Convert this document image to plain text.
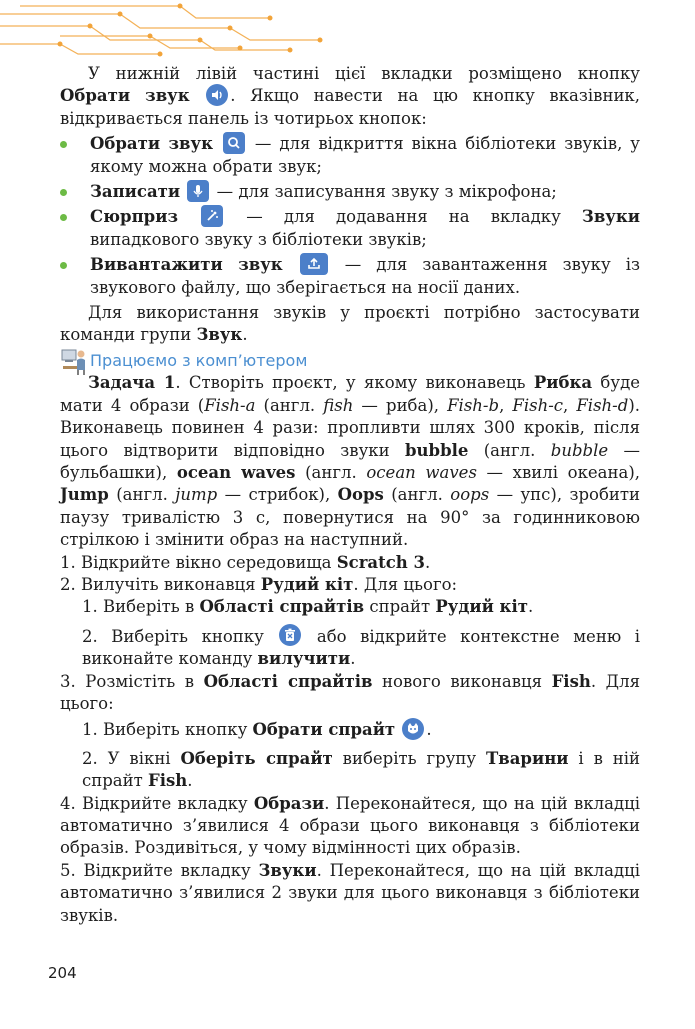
У нижній лівій частині цієї вкладки розміщено кнопку Обрати звук . Якщо навести на цю кнопку вказівник, відкривається панель із чотирьох кнопок:

Обрати звук
— для відкриття вікна бібліотеки звуків, у якому можна обрати звук;
Записати
— для записування звуку з мікрофона;
Сюрприз	— для додавання на вкладку Звуки випадкового звуку з бібліотеки звуків;
Вивантажити звук	— для завантаження звуку із звукового файлу, що зберігається на носії даних.

Для використання звуків у проєкті потрібно застосувати команди групи Звук.

Працюємо з комп’ютером

Задача 1. Створіть проєкт, у якому виконавець Рибка буде мати 4 образи (Fish-a (англ. fish — риба), Fish-b, Fish-c, Fish-d). Виконавець повинен 4 рази: пропливти шлях 300 кроків, після цього відтворити відповідно звуки bubble (англ. bubble — бульбашки), ocean waves (англ. ocean waves — хвилі океана), Jump (англ. jump — стрибок), Oops (англ. oops — упс), зробити паузу тривалістю 3 с, повернутися на 90° за годинниковою стрілкою і змінити образ на наступний.

1. Відкрийте вікно середовища Scratch 3.

2. Вилучіть виконавця Рудий кіт. Для цього:

1. Виберіть в Області спрайтів спрайт Рудий кіт.

2. Виберіть кнопку
або відкрийте контекстне меню і виконайте команду вилучити.

3. Розмістіть в Області спрайтів нового виконавця Fish. Для цього:

1. Виберіть кнопку Обрати спрайт .

2. У вікні Оберіть спрайт виберіть групу Тварини і в ній спрайт Fish.

4. Відкрийте вкладку Образи. Переконайтеся, що на цій вкладці автоматично з’явилися 4 образи цього виконавця з бібліотеки образів. Роздивіться, у чому відмінності цих образів.

5. Відкрийте вкладку Звуки. Переконайтеся, що на цій вкладці автоматично з’явилися 2 звуки для цього виконавця з бібліотеки звуків.

204
